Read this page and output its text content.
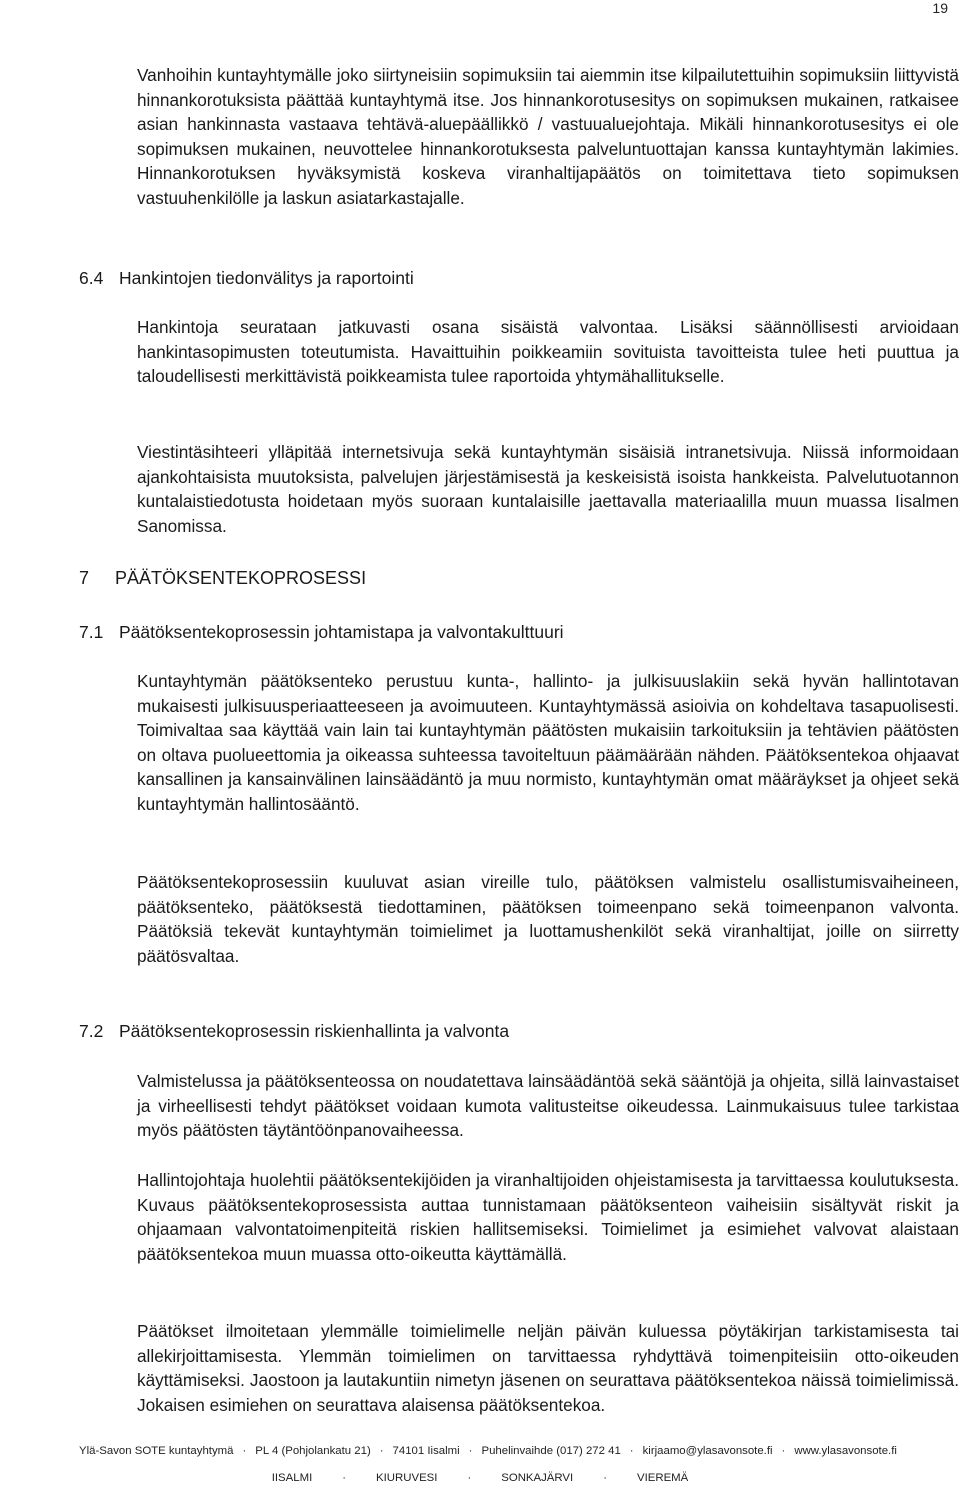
19

Vanhoihin kuntayhtymälle joko siirtyneisiin sopimuksiin tai aiemmin itse kilpailutettuihin sopimuksiin liittyvistä hinnankorotuksista päättää kuntayhtymä itse. Jos hinnankorotusesitys on sopimuksen mukainen, ratkaisee asian hankinnasta vastaava tehtävä-aluepäällikkö / vastuualuejohtaja. Mikäli hinnankorotusesitys ei ole sopimuksen mukainen, neuvottelee hinnankorotuksesta palveluntuottajan kanssa kuntayhtymän lakimies. Hinnankorotuksen hyväksymistä koskeva viranhaltijapäätös on toimitettava tieto sopimuksen vastuuhenkilölle ja laskun asiatarkastajalle.

6.4 Hankintojen tiedonvälitys ja raportointi

Hankintoja seurataan jatkuvasti osana sisäistä valvontaa. Lisäksi säännöllisesti arvioidaan hankintasopimusten toteutumista. Havaittuihin poikkeamiin sovituista tavoitteista tulee heti puuttua ja taloudellisesti merkittävistä poikkeamista tulee raportoida yhtymähallitukselle.

Viestintäsihteeri ylläpitää internetsivuja sekä kuntayhtymän sisäisiä intranetsivuja. Niissä informoidaan ajankohtaisista muutoksista, palvelujen järjestämisestä ja keskeisistä isoista hankkeista. Palvelutuotannon kuntalaistiedotusta hoidetaan myös suoraan kuntalaisille jaettavalla materiaalilla muun muassa Iisalmen Sanomissa.

7 PÄÄTÖKSENTEKOPROSESSI
7.1 Päätöksentekoprosessin johtamistapa ja valvontakulttuuri

Kuntayhtymän päätöksenteko perustuu kunta-, hallinto- ja julkisuuslakiin sekä hyvän hallintotavan mukaisesti julkisuusperiaatteeseen ja avoimuuteen. Kuntayhtymässä asioivia on kohdeltava tasapuolisesti. Toimivaltaa saa käyttää vain lain tai kuntayhtymän päätösten mukaisiin tarkoituksiin ja tehtävien päätösten on oltava puolueettomia ja oikeassa suhteessa tavoiteltuun päämäärään nähden. Päätöksentekoa ohjaavat kansallinen ja kansainvälinen lainsäädäntö ja muu normisto, kuntayhtymän omat määräykset ja ohjeet sekä kuntayhtymän hallintosääntö.

Päätöksentekoprosessiin kuuluvat asian vireille tulo, päätöksen valmistelu osallistumisvaiheineen, päätöksenteko, päätöksestä tiedottaminen, päätöksen toimeenpano sekä toimeenpanon valvonta. Päätöksiä tekevät kuntayhtymän toimielimet ja luottamushenkilöt sekä viranhaltijat, joille on siirretty päätösvaltaa.

7.2 Päätöksentekoprosessin riskienhallinta ja valvonta

Valmistelussa ja päätöksenteossa on noudatettava lainsäädäntöä sekä sääntöjä ja ohjeita, sillä lainvastaiset ja virheellisesti tehdyt päätökset voidaan kumota valitusteitse oikeudessa. Lainmukaisuus tulee tarkistaa myös päätösten täytäntöönpanovaiheessa.

Hallintojohtaja huolehtii päätöksentekijöiden ja viranhaltijoiden ohjeistamisesta ja tarvittaessa koulutuksesta. Kuvaus päätöksentekoprosessista auttaa tunnistamaan päätöksenteon vaiheisiin sisältyvät riskit ja ohjaamaan valvontatoimenpiteitä riskien hallitsemiseksi. Toimielimet ja esimiehet valvovat alaistaan päätöksentekoa muun muassa otto-oikeutta käyttämällä.

Päätökset ilmoitetaan ylemmälle toimielimelle neljän päivän kuluessa pöytäkirjan tarkistamisesta tai allekirjoittamisesta. Ylemmän toimielimen on tarvittaessa ryhdyttävä toimenpiteisiin otto-oikeuden käyttämiseksi. Jaostoon ja lautakuntiin nimetyn jäsenen on seurattava päätöksentekoa näissä toimielimissä. Jokaisen esimiehen on seurattava alaisensa päätöksentekoa.

Ylä-Savon SOTE kuntayhtymä · PL 4 (Pohjolankatu 21) · 74101 Iisalmi · Puhelinvaihde (017) 272 41 · kirjaamo@ylasavonsote.fi · www.ylasavonsote.fi
IISALMI	·	KIURUVESI	·	SONKAJÄRVI	·	VIEREMÄ
